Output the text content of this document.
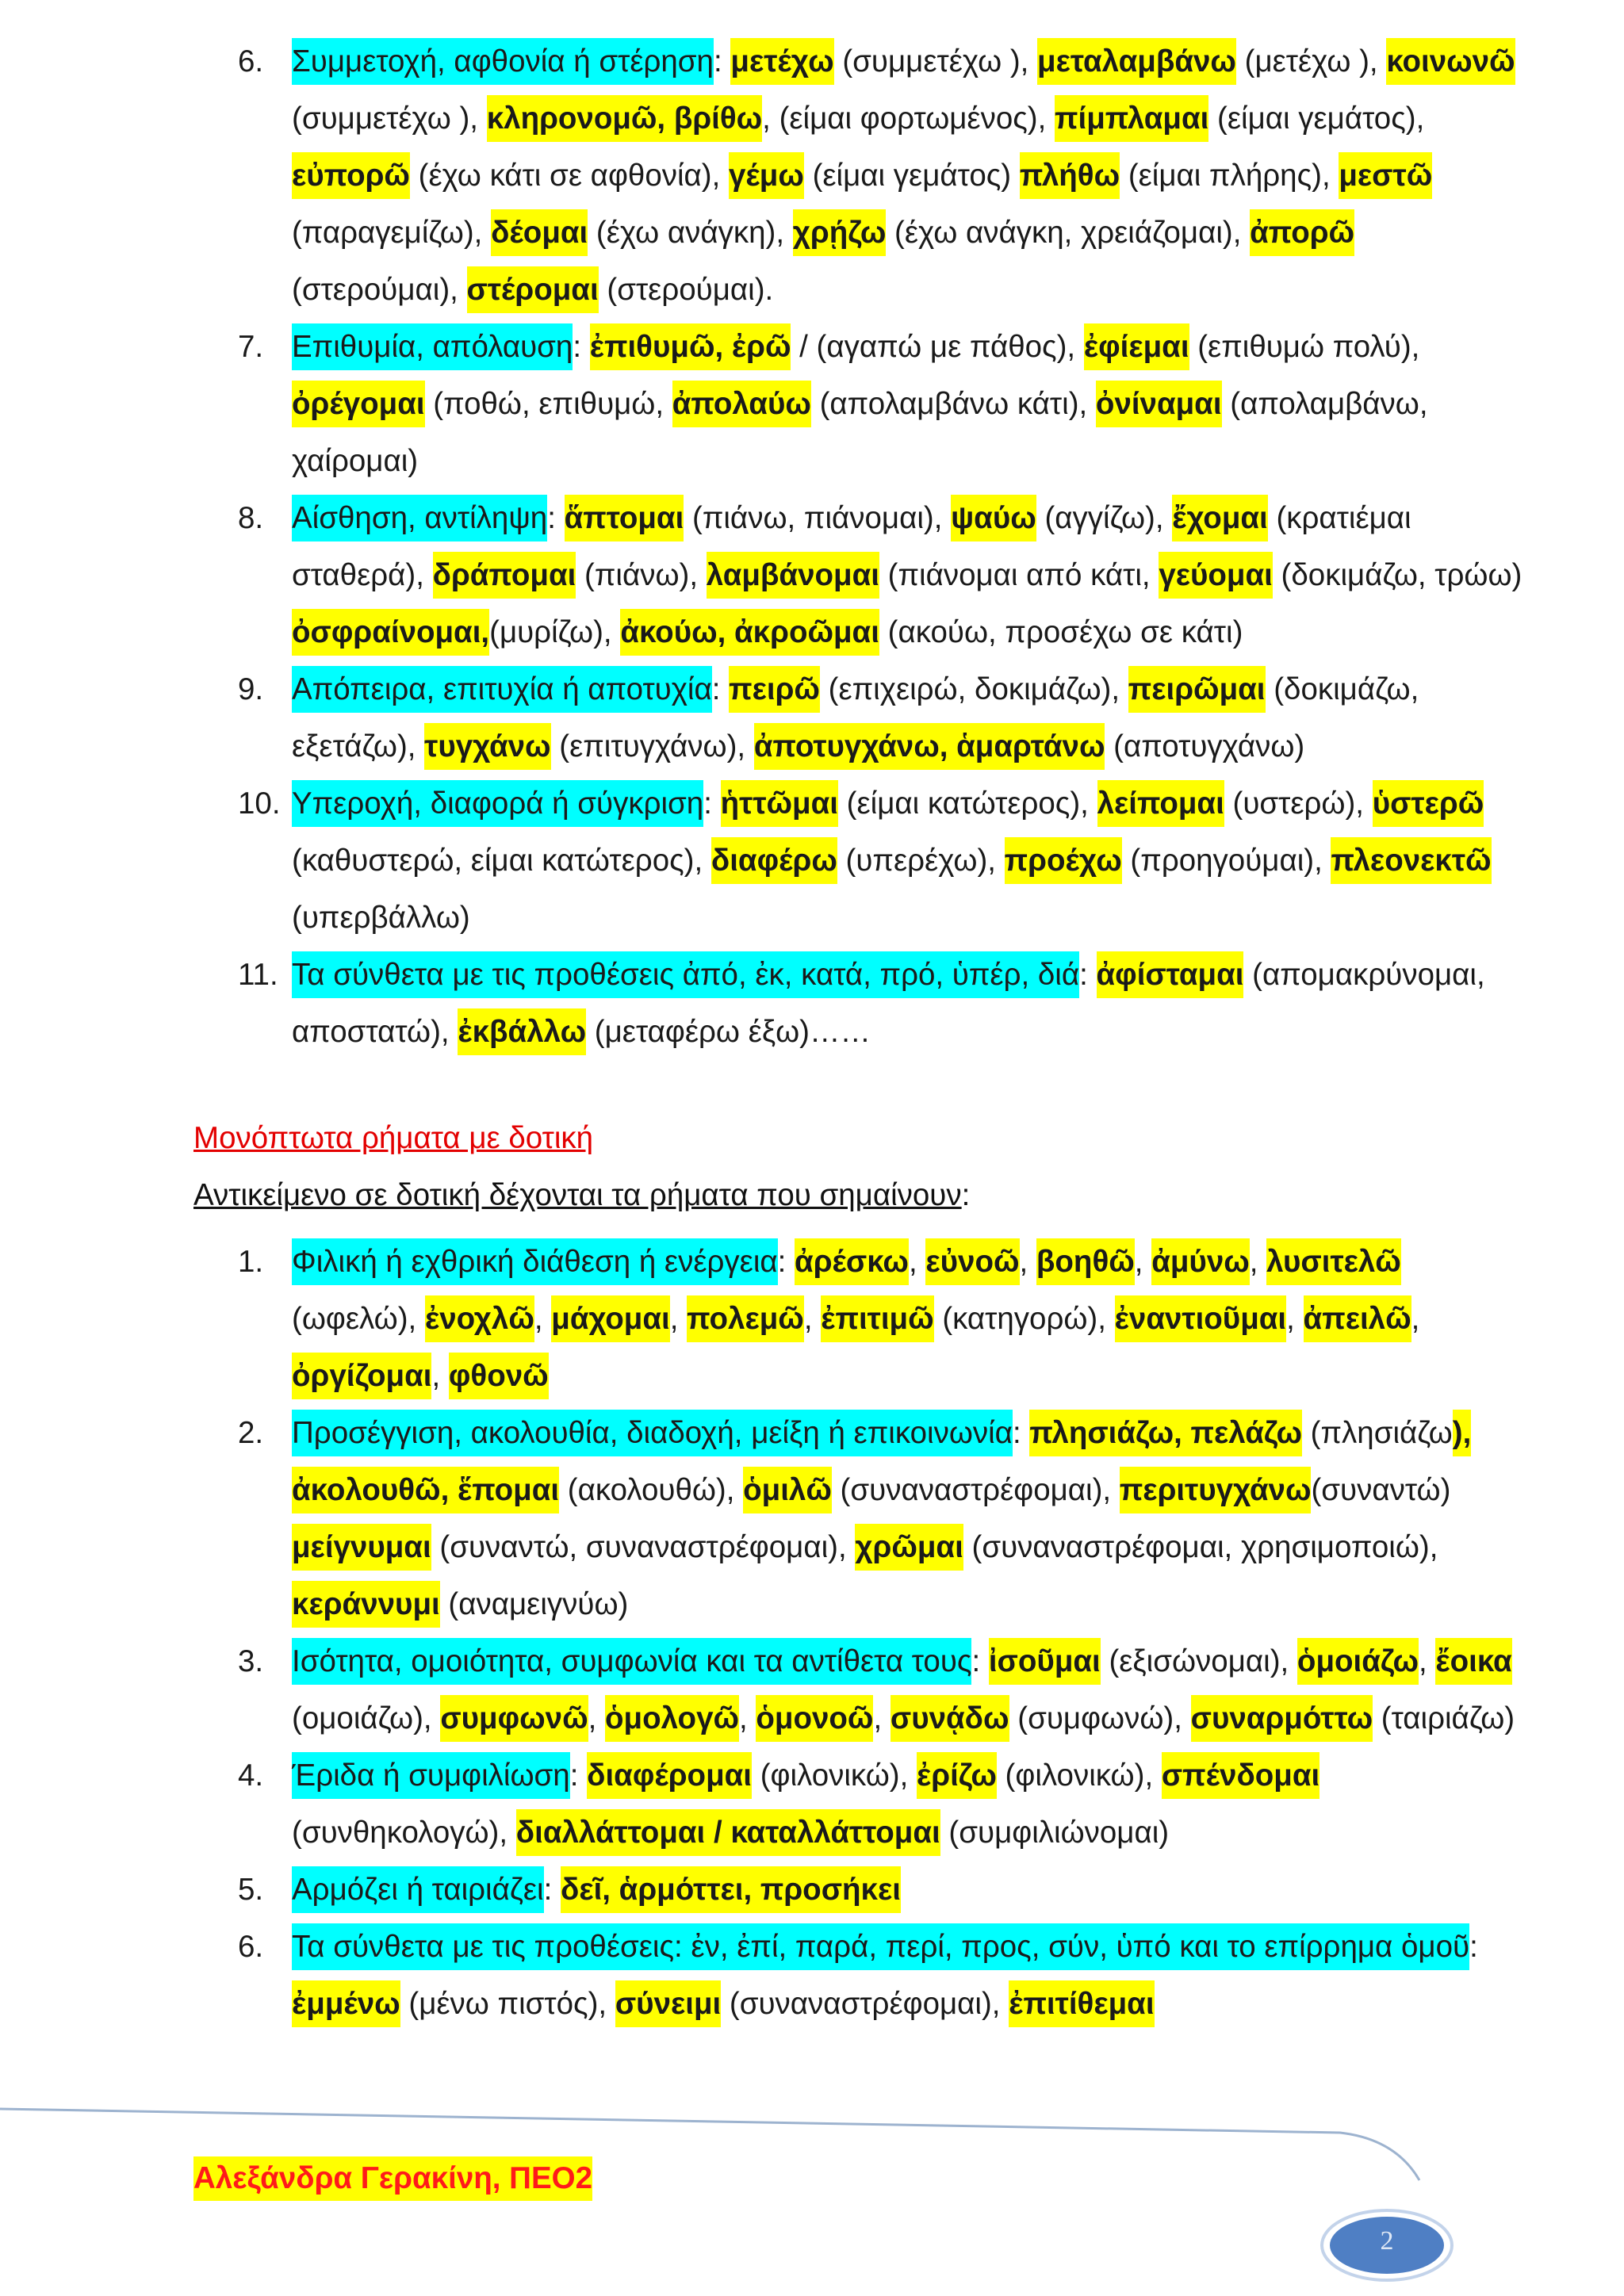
6. Συμμετοχή, αφθονία ή στέρηση: μετέχω (συμμετέχω ), μεταλαμβάνω (μετέχω ), κοινωνῶ (συμμετέχω ), κληρονομῶ, βρίθω, (είμαι φορτωμένος), πίμπλαμαι (είμαι γεμάτος), εὐπορῶ (έχω κάτι σε αφθονία), γέμω (είμαι γεμάτος) πλήθω (είμαι πλήρης), μεστῶ (παραγεμίζω), δέομαι (έχω ανάγκη), χρῄζω (έχω ανάγκη, χρειάζομαι), ἀπορῶ (στερούμαι), στέρομαι (στερούμαι).
7. Επιθυμία, απόλαυση: ἐπιθυμῶ, ἐρῶ / (αγαπώ με πάθος), ἐφίεμαι (επιθυμώ πολύ), ὀρέγομαι (ποθώ, επιθυμώ, ἀπολαύω (απολαμβάνω κάτι), ὀνίναμαι (απολαμβάνω, χαίρομαι)
8. Αίσθηση, αντίληψη: ἅπτομαι (πιάνω, πιάνομαι), ψαύω (αγγίζω), ἔχομαι (κρατιέμαι σταθερά), δράπομαι (πιάνω), λαμβάνομαι (πιάνομαι από κάτι, γεύομαι (δοκιμάζω, τρώω) ὀσφραίνομαι,(μυρίζω), ἀκούω, ἀκροῶμαι (ακούω, προσέχω σε κάτι)
9. Απόπειρα, επιτυχία ή αποτυχία: πειρῶ (επιχειρώ, δοκιμάζω), πειρῶμαι (δοκιμάζω, εξετάζω), τυγχάνω (επιτυγχάνω), ἀποτυγχάνω, ἁμαρτάνω (αποτυγχάνω)
10. Υπεροχή, διαφορά ή σύγκριση: ἡττῶμαι (είμαι κατώτερος), λείπομαι (υστερώ), ὑστερῶ (καθυστερώ, είμαι κατώτερος), διαφέρω (υπερέχω), προέχω (προηγούμαι), πλεονεκτῶ (υπερβάλλω)
11. Τα σύνθετα με τις προθέσεις ἀπό, ἐκ, κατά, πρό, ὑπέρ, διά: ἀφίσταμαι (απομακρύνομαι, αποστατώ), ἐκβάλλω (μεταφέρω έξω)……
Μονόπτωτα ρήματα με δοτική
Αντικείμενο σε δοτική δέχονται τα ρήματα που σημαίνουν:
1. Φιλική ή εχθρική διάθεση ή ενέργεια: ἀρέσκω, εὐνοῶ, βοηθῶ, ἀμύνω, λυσιτελῶ (ωφελώ), ἐνοχλῶ, μάχομαι, πολεμῶ, ἐπιτιμῶ (κατηγορώ), ἐναντιοῦμαι, ἀπειλῶ, ὀργίζομαι, φθονῶ
2. Προσέγγιση, ακολουθία, διαδοχή, μείξη ή επικοινωνία: πλησιάζω, πελάζω (πλησιάζω), ἀκολουθῶ, ἕπομαι (ακολουθώ), ὁμιλῶ (συναναστρέφομαι), περιτυγχάνω(συναντώ) μείγνυμαι (συναντώ, συναναστρέφομαι), χρῶμαι (συναναστρέφομαι, χρησιμοποιώ), κεράννυμι (αναμειγνύω)
3. Ισότητα, ομοιότητα, συμφωνία και τα αντίθετα τους: ἰσοῦμαι (εξισώνομαι), ὁμοιάζω, ἔοικα (ομοιάζω), συμφωνῶ, ὁμολογῶ, ὁμονοῶ, συνᾴδω (συμφωνώ), συναρμόττω (ταιριάζω)
4. Έριδα ή συμφιλίωση: διαφέρομαι (φιλονικώ), ἐρίζω (φιλονικώ), σπένδομαι (συνθηκολογώ), διαλλάττομαι / καταλλάττομαι (συμφιλιώνομαι)
5. Αρμόζει ή ταιριάζει: δεῖ, ἁρμόττει, προσήκει
6. Τα σύνθετα με τις προθέσεις: ἐν, ἐπί, παρά, περί, προς, σύν, ὑπό και το επίρρημα ὁμοῦ: ἐμμένω (μένω πιστός), σύνειμι (συναναστρέφομαι), ἐπιτίθεμαι
Αλεξάνδρα Γερακίνη, ΠΕΟ2
2
